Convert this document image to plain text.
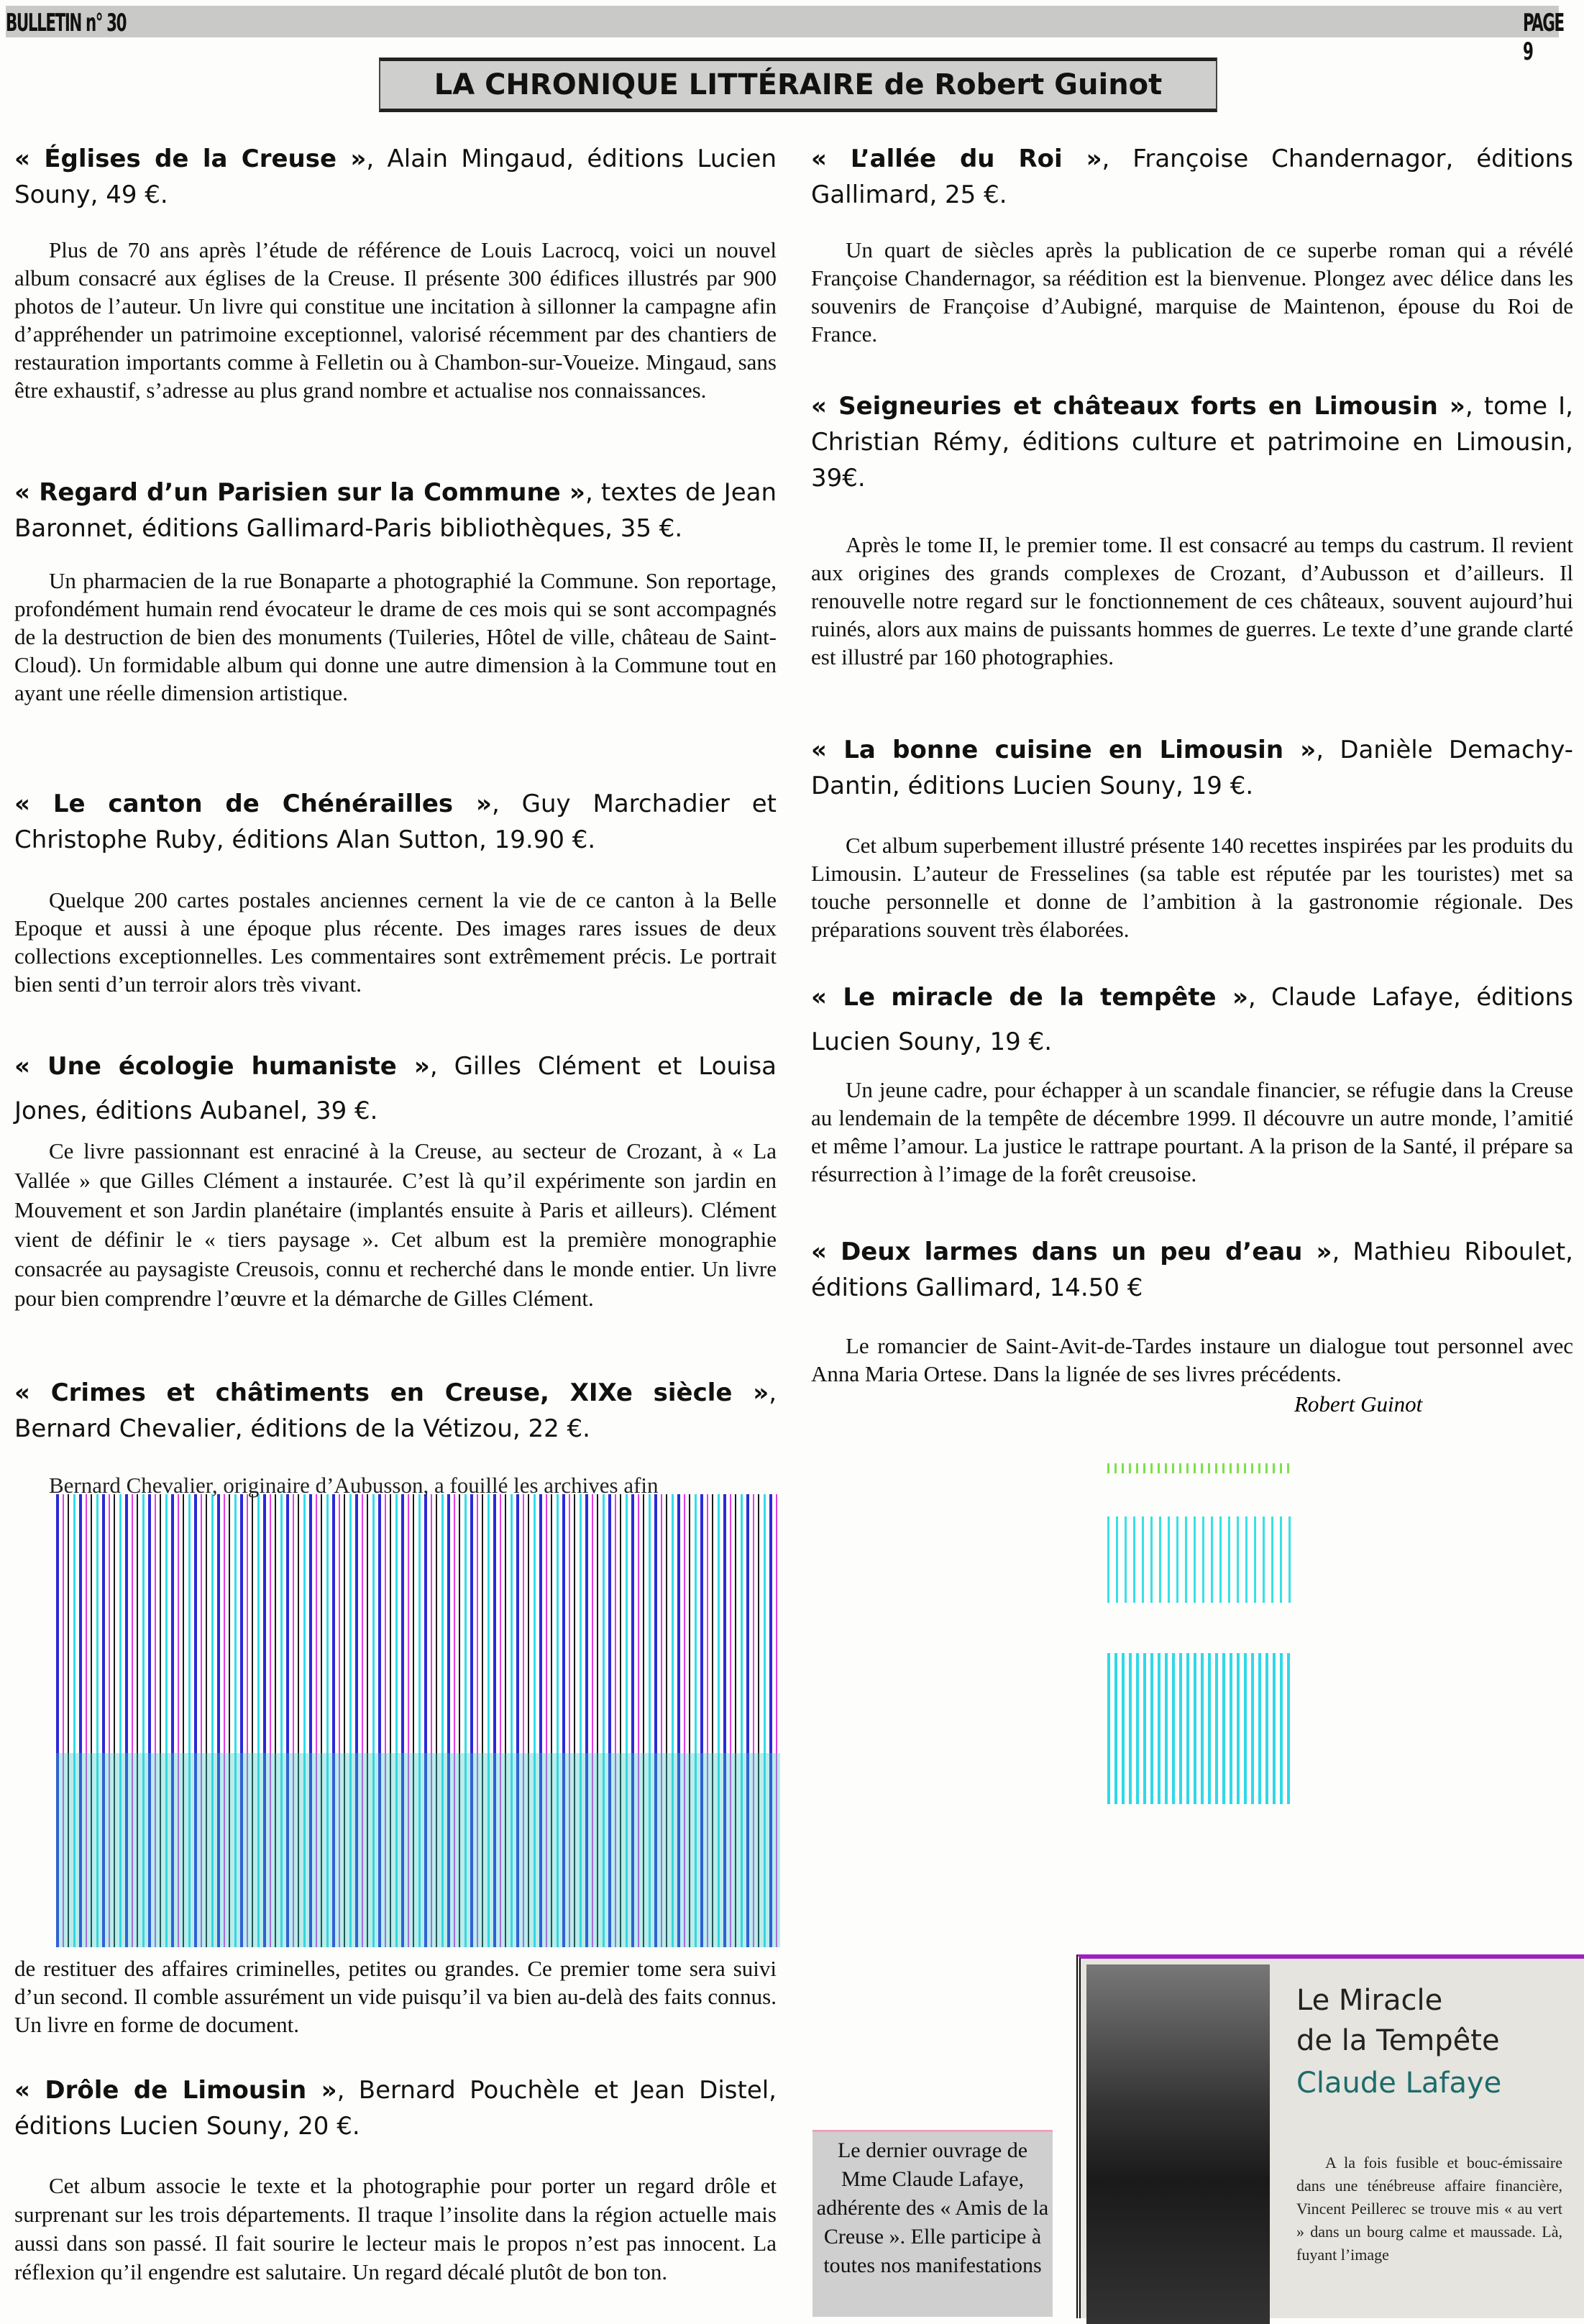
BULLETIN n° 30	PAGE 9
LA CHRONIQUE LITTÉRAIRE de Robert Guinot
« Églises de la Creuse », Alain Mingaud, éditions Lucien Souny, 49 €.
Plus de 70 ans après l’étude de référence de Louis Lacrocq, voici un nouvel album consacré aux églises de la Creuse. Il présente 300 édifices illustrés par 900 photos de l’auteur. Un livre qui constitue une incitation à sillonner la campagne afin d’appréhender un patrimoine exceptionnel, valorisé récemment par des chantiers de restauration importants comme à Felletin ou à Chambon-sur-Voueize. Mingaud, sans être exhaustif, s’adresse au plus grand nombre et actualise nos connaissances.
« Regard d’un Parisien sur la Commune », textes de Jean Baronnet, éditions Gallimard-Paris bibliothèques, 35 €.
Un pharmacien de la rue Bonaparte a photographié la Commune. Son reportage, profondément humain rend évocateur le drame de ces mois qui se sont accompagnés de la destruction de bien des monuments (Tuileries, Hôtel de ville, château de Saint-Cloud). Un formidable album qui donne une autre dimension à la Commune tout en ayant une réelle dimension artistique.
« Le canton de Chénérailles », Guy Marchadier et Christophe Ruby, éditions Alan Sutton, 19.90 €.
Quelque 200 cartes postales anciennes cernent la vie de ce canton à la Belle Epoque et aussi à une époque plus récente. Des images rares issues de deux collections exceptionnelles. Les commentaires sont extrêmement précis. Le portrait bien senti d’un terroir alors très vivant.
« Une écologie humaniste », Gilles Clément et Louisa Jones, éditions Aubanel, 39 €.
Ce livre passionnant est enraciné à la Creuse, au secteur de Crozant, à « La Vallée » que Gilles Clément a instaurée. C’est là qu’il expérimente son jardin en Mouvement et son Jardin planétaire (implantés ensuite à Paris et ailleurs). Clément vient de définir le « tiers paysage ». Cet album est la première monographie consacrée au paysagiste Creusois, connu et recherché dans le monde entier. Un livre pour bien comprendre l’œuvre et la démarche de Gilles Clément.
« Crimes et châtiments en Creuse, XIXe siècle », Bernard Chevalier, éditions de la Vétizou, 22 €.
Bernard Chevalier, originaire d’Aubusson, a fouillé les archives afin
de restituer des affaires criminelles, petites ou grandes. Ce premier tome sera suivi d’un second. Il comble assurément un vide puisqu’il va bien au-delà des faits connus. Un livre en forme de document.
« Drôle de Limousin », Bernard Pouchèle et Jean Distel, éditions Lucien Souny, 20 €.
Cet album associe le texte et la photographie pour porter un regard drôle et surprenant sur les trois départements. Il traque l’insolite dans la région actuelle mais aussi dans son passé. Il fait sourire le lecteur mais le propos n’est pas innocent. La réflexion qu’il engendre est salutaire. Un regard décalé plutôt de bon ton.
« L’allée du Roi », Françoise Chandernagor, éditions Gallimard, 25 €.
Un quart de siècles après la publication de ce superbe roman qui a révélé Françoise Chandernagor, sa réédition est la bienvenue. Plongez avec délice dans les souvenirs de Françoise d’Aubigné, marquise de Maintenon, épouse du Roi de France.
« Seigneuries et châteaux forts en Limousin », tome I, Christian Rémy, éditions culture et patrimoine en Limousin, 39€.
Après le tome II, le premier tome. Il est consacré au temps du castrum. Il revient aux origines des grands complexes de Crozant, d’Aubusson et d’ailleurs. Il renouvelle notre regard sur le fonctionnement de ces châteaux, souvent aujourd’hui ruinés, alors aux mains de puissants hommes de guerres. Le texte d’une grande clarté est illustré par 160 photographies.
« La bonne cuisine en Limousin », Danièle Demachy-Dantin, éditions Lucien Souny, 19 €.
Cet album superbement illustré présente 140 recettes inspirées par les produits du Limousin. L’auteur de Fresselines (sa table est réputée par les touristes) met sa touche personnelle et donne de l’ambition à la gastronomie régionale. Des préparations souvent très élaborées.
« Le miracle de la tempête », Claude Lafaye, éditions Lucien Souny, 19 €.
Un jeune cadre, pour échapper à un scandale financier, se réfugie dans la Creuse au lendemain de la tempête de décembre 1999. Il découvre un autre monde, l’amitié et même l’amour. La justice le rattrape pourtant. A la prison de la Santé, il prépare sa résurrection à l’image de la forêt creusoise.
« Deux larmes dans un peu d’eau », Mathieu Riboulet, éditions Gallimard, 14.50 €
Le romancier de Saint-Avit-de-Tardes instaure un dialogue tout personnel avec Anna Maria Ortese. Dans la lignée de ses livres précédents.
Robert Guinot
Le dernier ouvrage de Mme Claude Lafaye, adhérente des « Amis de la Creuse ». Elle participe à toutes nos manifestations
Le Miracle
de la Tempête
Claude Lafaye
A la fois fusible et bouc-émissaire dans une ténébreuse affaire financière, Vincent Peillerec se trouve mis « au vert » dans un bourg calme et maussade. Là, fuyant l’image
